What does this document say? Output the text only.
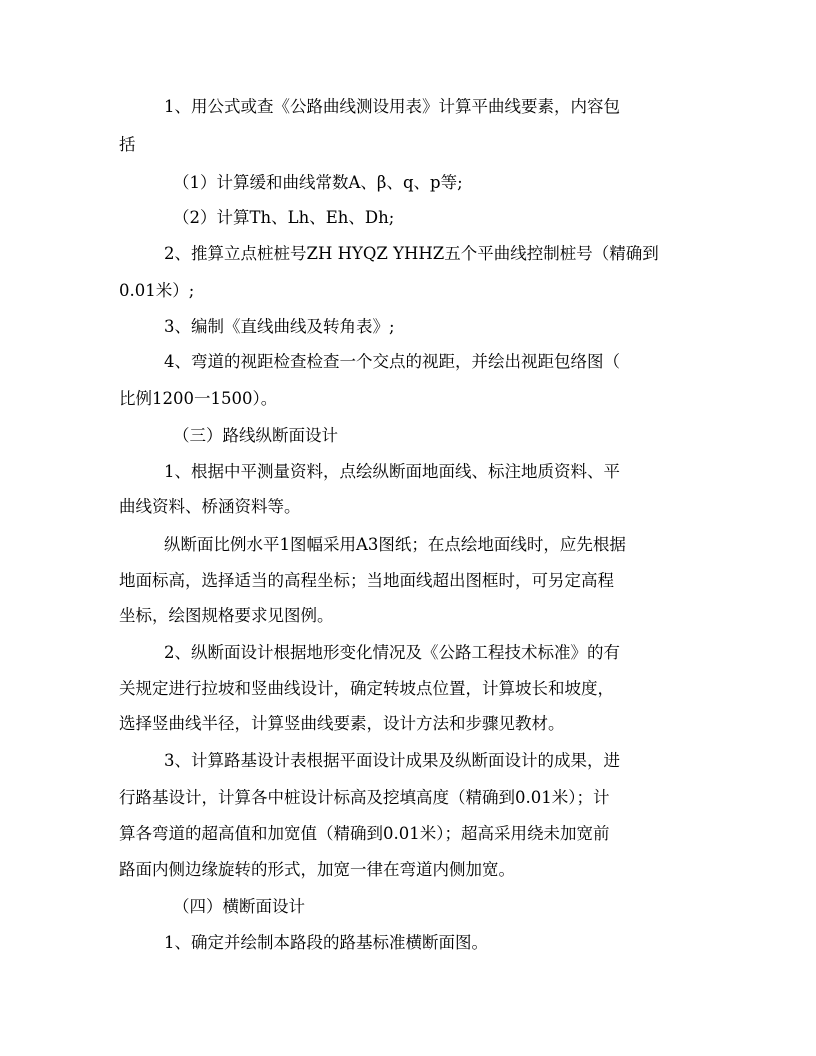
1、用公式或查《公路曲线测设用表》计算平曲线要素，内容包
括
（1）计算缓和曲线常数A、β、q、p等;
（2）计算Th、Lh、Eh、Dh;
2、推算立点桩桩号ZH HYQZ YHHZ五个平曲线控制桩号（精确到
0.01米）;
3、编制《直线曲线及转角表》;
4、弯道的视距检查检查一个交点的视距，并绘出视距包络图（
比例1200一1500）。
（三）路线纵断面设计
1、根据中平测量资料，点绘纵断面地面线、标注地质资料、平
曲线资料、桥涵资料等。
纵断面比例水平1图幅采用A3图纸；在点绘地面线时，应先根据
地面标高，选择适当的高程坐标；当地面线超出图框时，可另定高程
坐标，绘图规格要求见图例。
2、纵断面设计根据地形变化情况及《公路工程技术标准》的有
关规定进行拉坡和竖曲线设计，确定转坡点位置，计算坡长和坡度，
选择竖曲线半径，计算竖曲线要素，设计方法和步骤见教材。
3、计算路基设计表根据平面设计成果及纵断面设计的成果，进
行路基设计，计算各中桩设计标高及挖填高度（精确到0.01米）；计
算各弯道的超高值和加宽值（精确到0.01米）；超高采用绕未加宽前
路面内侧边缘旋转的形式，加宽一律在弯道内侧加宽。
（四）横断面设计
1、确定并绘制本路段的路基标准横断面图。
